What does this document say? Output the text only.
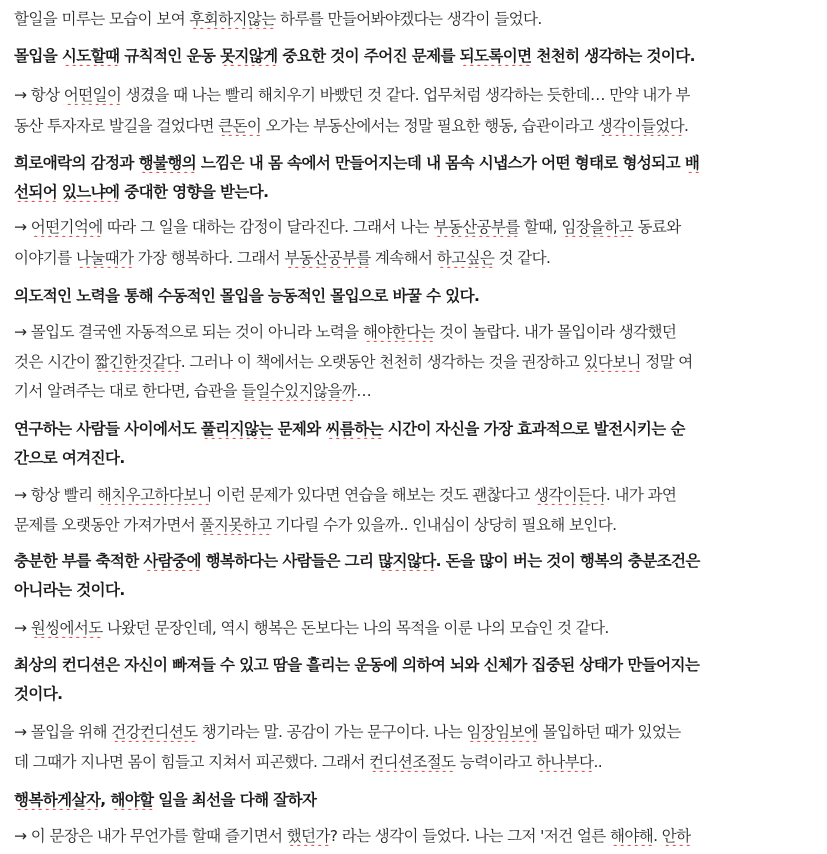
할일을 미루는 모습이 보여 후회하지않는 하루를 만들어봐야겠다는 생각이 들었다.
몰입을 시도할때 규칙적인 운동 못지않게 중요한 것이 주어진 문제를 되도록이면 천천히 생각하는 것이다.
→ 항상 어떤일이 생겼을 때 나는 빨리 해치우기 바빴던 것 같다. 업무처럼 생각하는 듯한데… 만약 내가 부
동산 투자자로 발길을 걸었다면 큰돈이 오가는 부동산에서는 정말 필요한 행동, 습관이라고 생각이들었다.
희로애락의 감정과 행불행의 느낌은 내 몸 속에서 만들어지는데 내 몸속 시냅스가 어떤 형태로 형성되고 배
선되어 있느냐에 중대한 영향을 받는다.
→ 어떤기억에 따라 그 일을 대하는 감정이 달라진다. 그래서 나는 부동산공부를 할때, 임장을하고 동료와
이야기를 나눌때가 가장 행복하다. 그래서 부동산공부를 계속해서 하고싶은 것 같다.
의도적인 노력을 통해 수동적인 몰입을 능동적인 몰입으로 바꿀 수 있다.
→ 몰입도 결국엔 자동적으로 되는 것이 아니라 노력을 해야한다는 것이 놀랍다. 내가 몰입이라 생각했던
것은 시간이 짧긴한것같다. 그러나 이 책에서는 오랫동안 천천히 생각하는 것을 권장하고 있다보니 정말 여
기서 알려주는 대로 한다면, 습관을 들일수있지않을까…
연구하는 사람들 사이에서도 풀리지않는 문제와 씨름하는 시간이 자신을 가장 효과적으로 발전시키는 순
간으로 여겨진다.
→ 항상 빨리 해치우고하다보니 이런 문제가 있다면 연습을 해보는 것도 괜찮다고 생각이든다. 내가 과연
문제를 오랫동안 가져가면서 풀지못하고 기다릴 수가 있을까.. 인내심이 상당히 필요해 보인다.
충분한 부를 축적한 사람중에 행복하다는 사람들은 그리 많지않다. 돈을 많이 버는 것이 행복의 충분조건은
아니라는 것이다.
→ 원씽에서도 나왔던 문장인데, 역시 행복은 돈보다는 나의 목적을 이룬 나의 모습인 것 같다.
최상의 컨디션은 자신이 빠져들 수 있고 땀을 흘리는 운동에 의하여 뇌와 신체가 집중된 상태가 만들어지는
것이다.
→ 몰입을 위해 건강컨디션도 챙기라는 말. 공감이 가는 문구이다. 나는 임장임보에 몰입하던 때가 있었는
데 그때가 지나면 몸이 힘들고 지쳐서 피곤했다. 그래서 컨디션조절도 능력이라고 하나부다..
행복하게살자, 해야할 일을 최선을 다해 잘하자
→ 이 문장은 내가 무언가를 할때 즐기면서 했던가? 라는 생각이 들었다. 나는 그저 '저건 얼른 해야해. 안하
